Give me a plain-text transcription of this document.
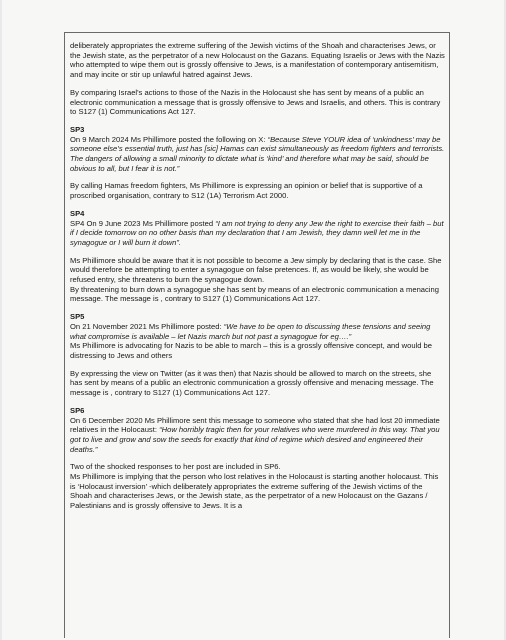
deliberately appropriates the extreme suffering of the Jewish victims of the Shoah and characterises Jews, or the Jewish state, as the perpetrator of a new Holocaust on the Gazans. Equating Israelis or Jews with the Nazis who attempted to wipe them out is grossly offensive to Jews, is a manifestation of contemporary antisemitism, and may incite or stir up unlawful hatred against Jews.

By comparing Israel's actions to those of the Nazis in the Holocaust she has sent by means of a public an electronic communication a message that is grossly offensive to Jews and Israelis, and others. This is contrary to S127 (1) Communications Act 127.

SP3

On 9 March 2024 Ms Phillimore posted the following on X: “Because Steve YOUR idea of ‘unkindness’ may be someone else’s essential truth, just has [sic] Hamas can exist simultaneously as freedom fighters and terrorists. The dangers of allowing a small minority to dictate what is ‘kind’ and therefore what may be said, should be obvious to all, but I fear it is not.”

By calling Hamas freedom fighters, Ms Phillimore is expressing an opinion or belief that is supportive of a proscribed organisation, contrary to S12 (1A) Terrorism Act 2000.

SP4

SP4 On 9 June 2023 Ms Phillimore posted “I am not trying to deny any Jew the right to exercise their faith – but if I decide tomorrow on no other basis than my declaration that I am Jewish, they damn well let me in the synagogue or I will burn it down”.

Ms Phillimore should be aware that it is not possible to become a Jew simply by declaring that is the case. She would therefore be attempting to enter a synagogue on false pretences. If, as would be likely, she would be refused entry, she threatens to burn the synagogue down.

By threatening to burn down a synagogue she has sent by means of an electronic communication a menacing message. The message is , contrary to S127 (1) Communications Act 127.

SP5

On 21 November 2021 Ms Phillimore posted: “We have to be open to discussing these tensions and seeing what compromise is available – let Nazis march but not past a synagogue for eg….”

Ms Phillimore is advocating for Nazis to be able to march – this is a grossly offensive concept, and would be distressing to Jews and others

By expressing the view on Twitter (as it was then) that Nazis should be allowed to march on the streets, she has sent by means of a public an electronic communication a grossly offensive and menacing message. The message is , contrary to S127 (1) Communications Act 127.

SP6

On 6 December 2020 Ms Phillimore sent this message to someone who stated that she had lost 20 immediate relatives in the Holocaust: “How horribly tragic then for your relatives who were murdered in this way. That you got to live and grow and sow the seeds for exactly that kind of regime which desired and engineered their deaths.”

Two of the shocked responses to her post are included in SP6.

Ms Phillimore is implying that the person who lost relatives in the Holocaust is starting another holocaust. This is ‘Holocaust inversion’ -which deliberately appropriates the extreme suffering of the Jewish victims of the Shoah and characterises Jews, or the Jewish state, as the perpetrator of a new Holocaust on the Gazans / Palestinians and is grossly offensive to Jews. It is a
